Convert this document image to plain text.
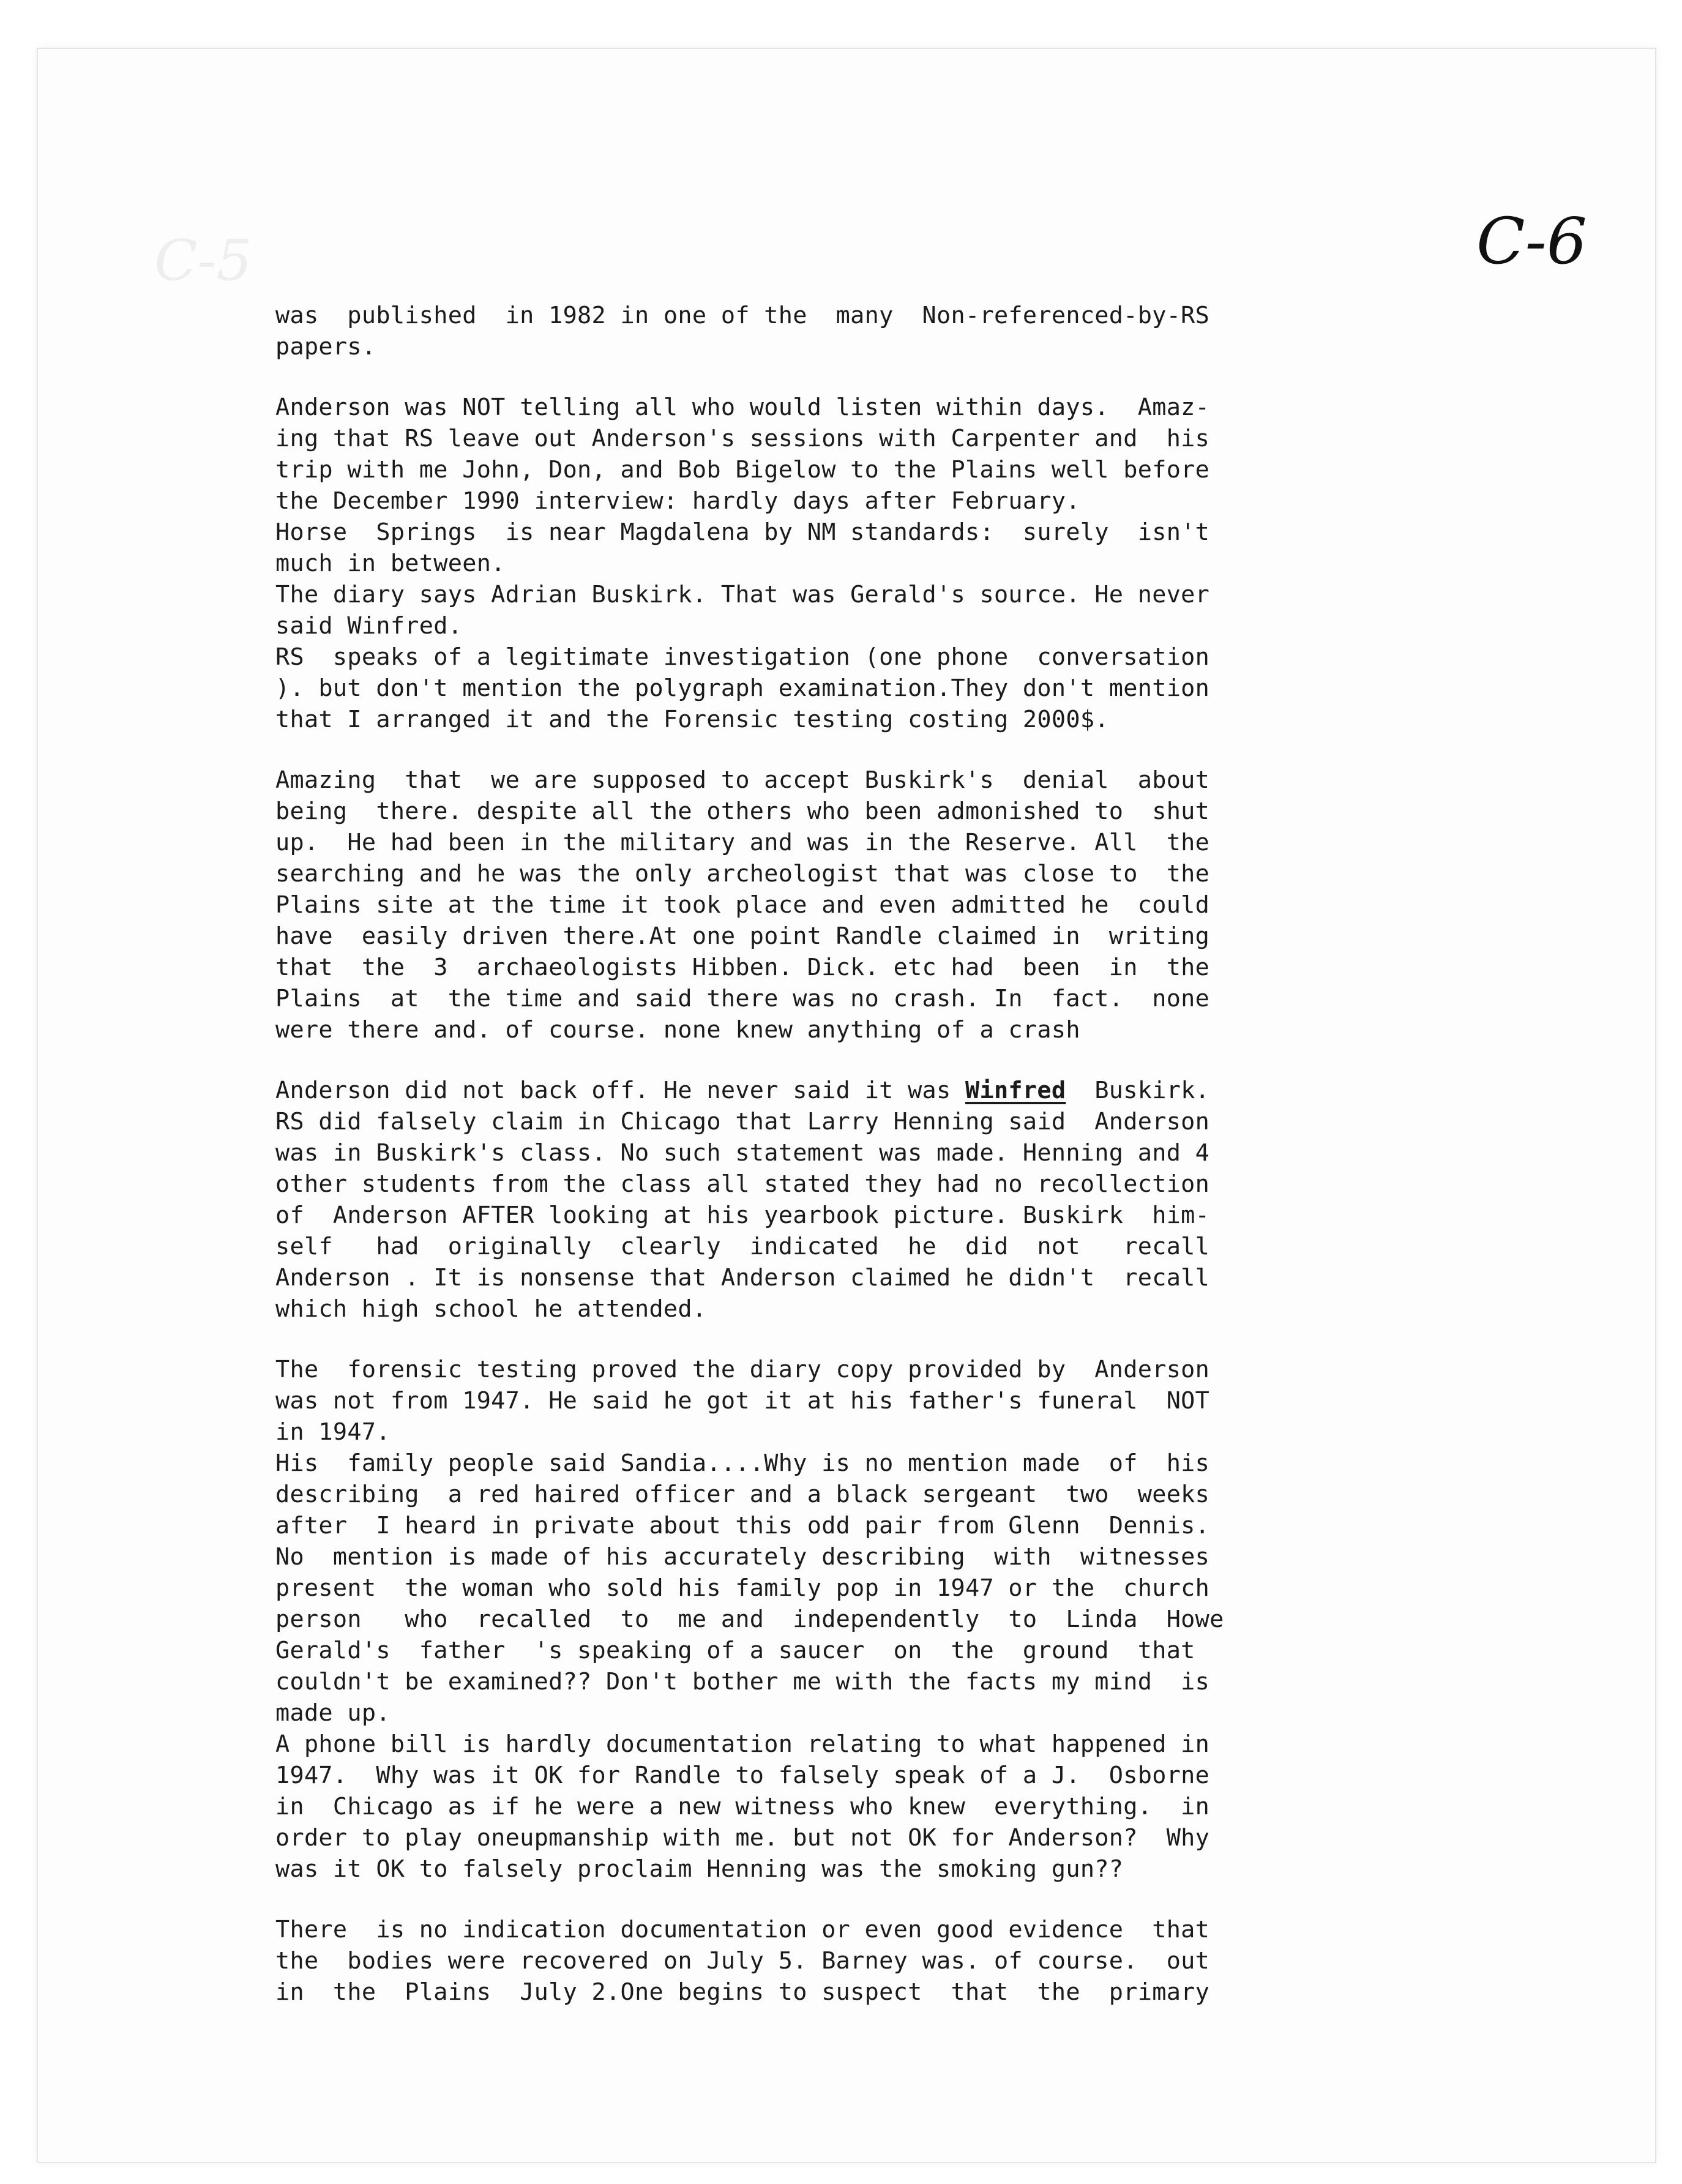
C-5	C-6
was  published  in 1982 in one of the  many  Non-referenced-by-RS
papers.
Anderson was NOT telling all who would listen within days.  Amaz-
ing that RS leave out Anderson's sessions with Carpenter and  his
trip with me John, Don, and Bob Bigelow to the Plains well before
the December 1990 interview: hardly days after February.
Horse  Springs  is near Magdalena by NM standards:  surely  isn't
much in between.
The diary says Adrian Buskirk. That was Gerald's source. He never
said Winfred.
RS  speaks of a legitimate investigation (one phone  conversation
). but don't mention the polygraph examination.They don't mention
that I arranged it and the Forensic testing costing 2000$.
Amazing  that  we are supposed to accept Buskirk's  denial  about
being  there. despite all the others who been admonished to  shut
up.  He had been in the military and was in the Reserve. All  the
searching and he was the only archeologist that was close to  the
Plains site at the time it took place and even admitted he  could
have  easily driven there.At one point Randle claimed in  writing
that  the  3  archaeologists Hibben. Dick. etc had  been  in  the
Plains  at  the time and said there was no crash. In  fact.  none
were there and. of course. none knew anything of a crash
Anderson did not back off. He never said it was Winfred  Buskirk.
RS did falsely claim in Chicago that Larry Henning said  Anderson
was in Buskirk's class. No such statement was made. Henning and 4
other students from the class all stated they had no recollection
of  Anderson AFTER looking at his yearbook picture. Buskirk  him-
self   had  originally  clearly  indicated  he  did  not   recall
Anderson . It is nonsense that Anderson claimed he didn't  recall
which high school he attended.
The  forensic testing proved the diary copy provided by  Anderson
was not from 1947. He said he got it at his father's funeral  NOT
in 1947.
His  family people said Sandia....Why is no mention made  of  his
describing  a red haired officer and a black sergeant  two  weeks
after  I heard in private about this odd pair from Glenn  Dennis.
No  mention is made of his accurately describing  with  witnesses
present  the woman who sold his family pop in 1947 or the  church
person   who  recalled  to  me and  independently  to  Linda  Howe
Gerald's  father  's speaking of a saucer  on  the  ground  that
couldn't be examined?? Don't bother me with the facts my mind  is
made up.
A phone bill is hardly documentation relating to what happened in
1947.  Why was it OK for Randle to falsely speak of a J.  Osborne
in  Chicago as if he were a new witness who knew  everything.  in
order to play oneupmanship with me. but not OK for Anderson?  Why
was it OK to falsely proclaim Henning was the smoking gun??
There  is no indication documentation or even good evidence  that
the  bodies were recovered on July 5. Barney was. of course.  out
in  the  Plains  July 2.One begins to suspect  that  the  primary
